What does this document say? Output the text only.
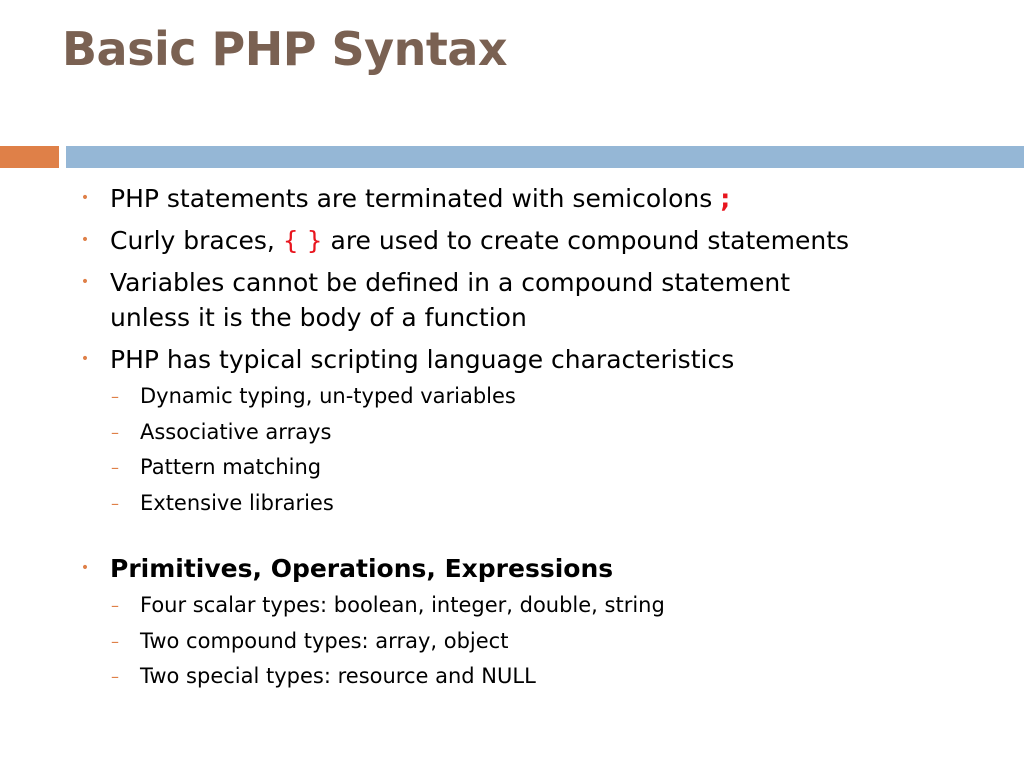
Basic PHP Syntax
• PHP statements are terminated with semicolons ;
• Curly braces, { } are used to create compound statements
• Variables cannot be defined in a compound statement
unless it is the body of a function
• PHP has typical scripting language characteristics
– Dynamic typing, un-typed variables
– Associative arrays
– Pattern matching
– Extensive libraries
• Primitives, Operations, Expressions
– Four scalar types: boolean, integer, double, string
– Two compound types: array, object
– Two special types: resource and NULL
